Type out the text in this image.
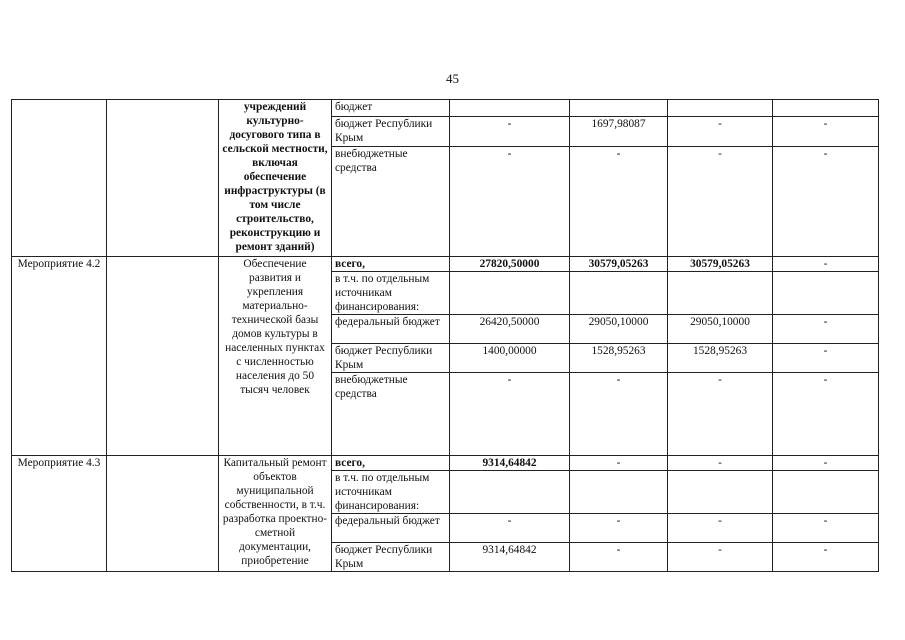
45
		учреждений культурно-досугового типа в сельской местности, включая обеспечение инфраструктуры (в том числе строительство, реконструкцию и ремонт зданий)	бюджет				
			бюджет Республики Крым	-	1697,98087	-	-
			внебюджетные средства	-	-	-	-
Мероприятие 4.2		Обеспечение развития и укрепления материально-технической базы домов культуры в населенных пунктах с численностью населения до 50 тысяч человек	всего,	27820,50000	30579,05263	30579,05263	-
			в т.ч. по отдельным источникам финансирования:				
			федеральный бюджет	26420,50000	29050,10000	29050,10000	-
			бюджет Республики Крым	1400,00000	1528,95263	1528,95263	-
			внебюджетные средства	-	-	-	-
Мероприятие 4.3		Капитальный ремонт объектов муниципальной собственности, в т.ч. разработка проектно-сметной документации, приобретение	всего,	9314,64842	-	-	-
			в т.ч. по отдельным источникам финансирования:				
			федеральный бюджет	-	-	-	-
			бюджет Республики Крым	9314,64842	-	-	-
